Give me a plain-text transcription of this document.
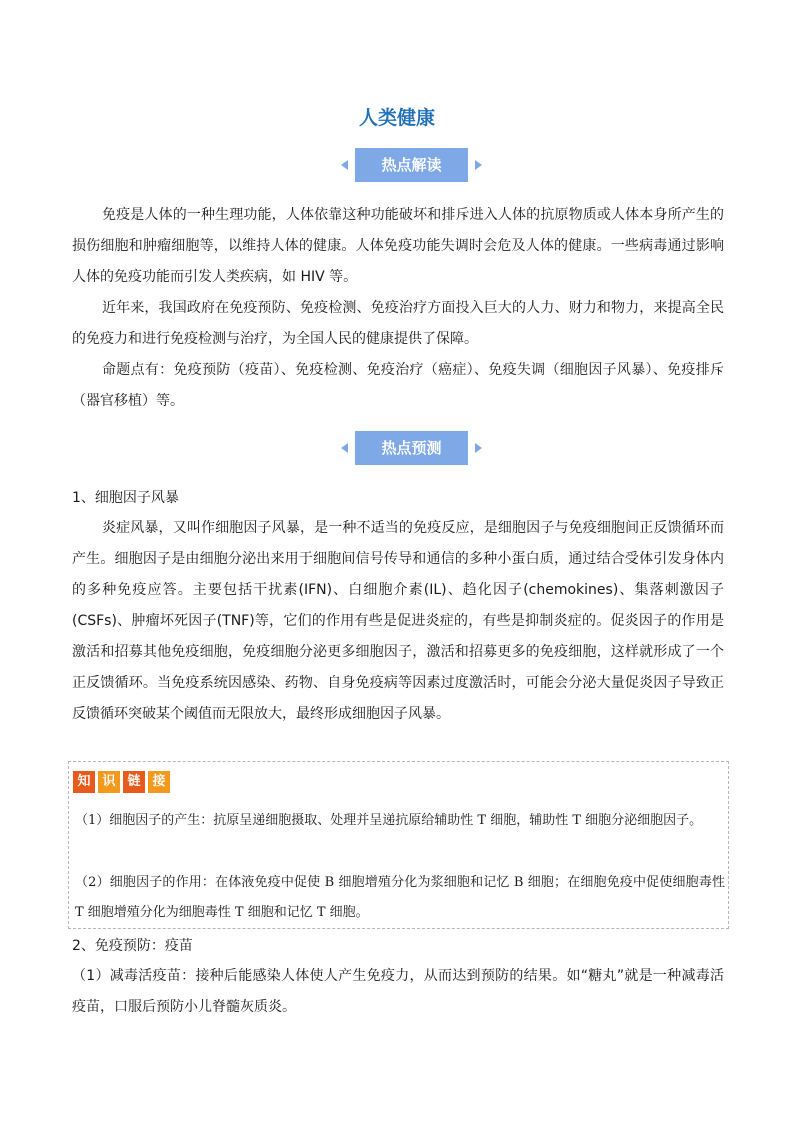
人类健康
热点解读

免疫是人体的一种生理功能，人体依靠这种功能破坏和排斥进入人体的抗原物质或人体本身所产生的损伤细胞和肿瘤细胞等，以维持人体的健康。人体免疫功能失调时会危及人体的健康。一些病毒通过影响人体的免疫功能而引发人类疾病，如 HIV 等。

近年来，我国政府在免疫预防、免疫检测、免疫治疗方面投入巨大的人力、财力和物力，来提高全民的免疫力和进行免疫检测与治疗，为全国人民的健康提供了保障。

命题点有：免疫预防（疫苗）、免疫检测、免疫治疗（癌症）、免疫失调（细胞因子风暴）、免疫排斥（器官移植）等。

热点预测
1、细胞因子风暴

炎症风暴，又叫作细胞因子风暴，是一种不适当的免疫反应，是细胞因子与免疫细胞间正反馈循环而产生。细胞因子是由细胞分泌出来用于细胞间信号传导和通信的多种小蛋白质，通过结合受体引发身体内的多种免疫应答。主要包括干扰素(IFN)、白细胞介素(IL)、趋化因子(chemokines)、集落刺激因子(CSFs)、肿瘤坏死因子(TNF)等，它们的作用有些是促进炎症的，有些是抑制炎症的。促炎因子的作用是激活和招募其他免疫细胞，免疫细胞分泌更多细胞因子，激活和招募更多的免疫细胞，这样就形成了一个正反馈循环。当免疫系统因感染、药物、自身免疫病等因素过度激活时，可能会分泌大量促炎因子导致正反馈循环突破某个阈值而无限放大，最终形成细胞因子风暴。

知 识 链 接

（1）细胞因子的产生：抗原呈递细胞摄取、处理并呈递抗原给辅助性 T 细胞，辅助性 T 细胞分泌细胞因子。

（2）细胞因子的作用：在体液免疫中促使 B 细胞增殖分化为浆细胞和记忆 B 细胞；在细胞免疫中促使细胞毒性 T 细胞增殖分化为细胞毒性 T 细胞和记忆 T 细胞。

2、免疫预防：疫苗

（1）减毒活疫苗：接种后能感染人体使人产生免疫力，从而达到预防的结果。如“糖丸”就是一种减毒活疫苗，口服后预防小儿脊髓灰质炎。
